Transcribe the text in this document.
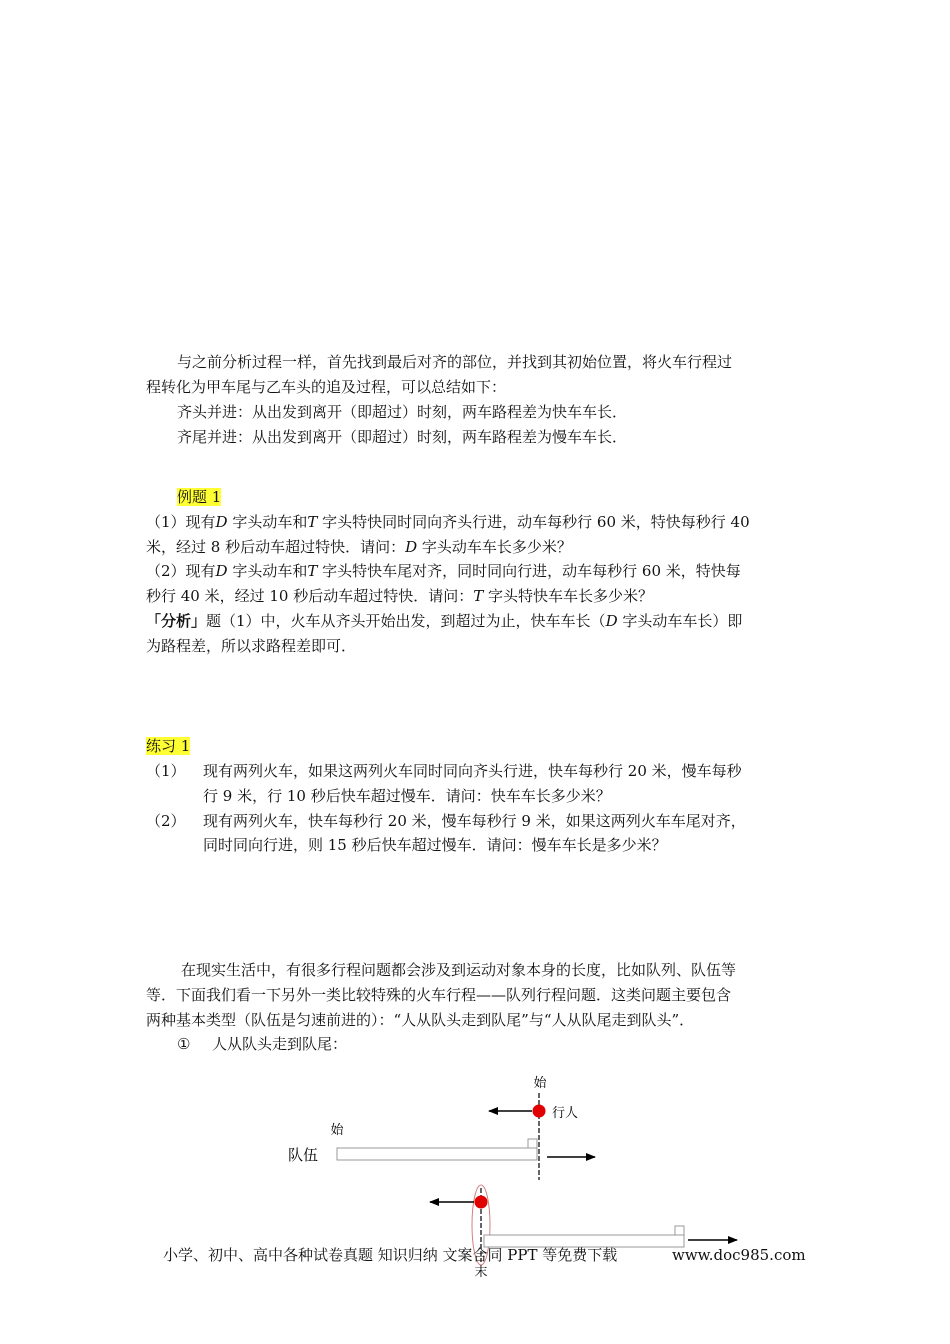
与之前分析过程一样，首先找到最后对齐的部位，并找到其初始位置，将火车行程过
程转化为甲车尾与乙车头的追及过程，可以总结如下：
齐头并进：从出发到离开（即超过）时刻，两车路程差为快车车长．
齐尾并进：从出发到离开（即超过）时刻，两车路程差为慢车车长．
例题 1
（1）现有D 字头动车和T 字头特快同时同向齐头行进，动车每秒行 60 米，特快每秒行 40
米，经过 8 秒后动车超过特快．请问：D 字头动车车长多少米？
（2）现有D 字头动车和T 字头特快车尾对齐，同时同向行进，动车每秒行 60 米，特快每
秒行 40 米，经过 10 秒后动车超过特快．请问：T 字头特快车车长多少米？
「分析」题（1）中，火车从齐头开始出发，到超过为止，快车车长（D 字头动车车长）即
为路程差，所以求路程差即可．
练习 1
（1） 现有两列火车，如果这两列火车同时同向齐头行进，快车每秒行 20 米，慢车每秒
行 9 米，行 10 秒后快车超过慢车．请问：快车车长多少米？
（2） 现有两列火车，快车每秒行 20 米，慢车每秒行 9 米，如果这两列火车车尾对齐，
同时同向行进，则 15 秒后快车超过慢车．请问：慢车车长是多少米？
在现实生活中，有很多行程问题都会涉及到运动对象本身的长度，比如队列、队伍等
等．下面我们看一下另外一类比较特殊的火车行程——队列行程问题．这类问题主要包含
两种基本类型（队伍是匀速前进的）：“人从队头走到队尾”与“人从队尾走到队头”．
① 人从队头走到队尾：
始
行人
始
队伍
末
小学、初中、高中各种试卷真题 知识归纳 文案合同 PPT 等免费下载	www.doc985.com
